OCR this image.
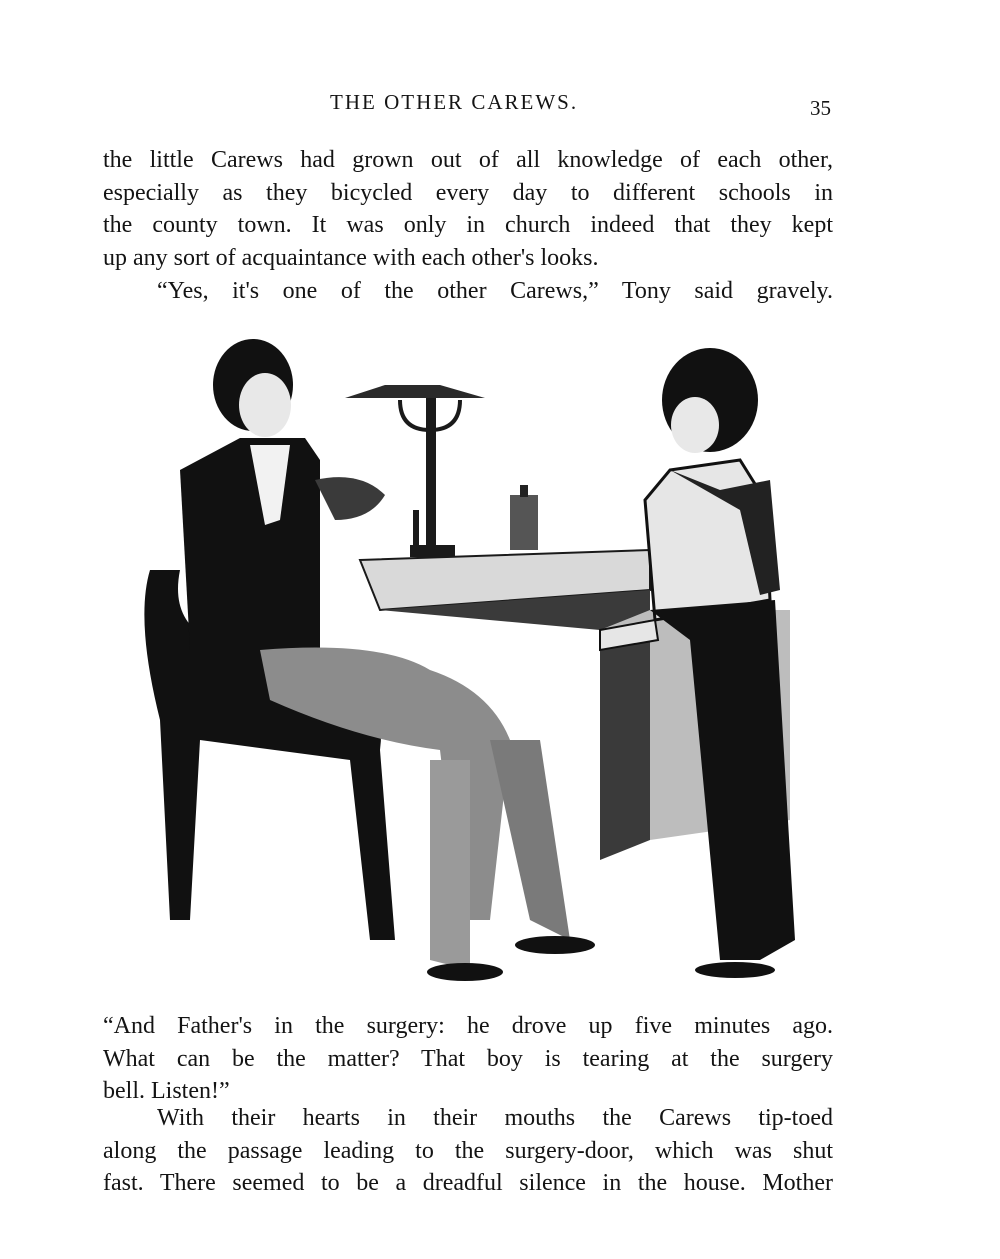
THE OTHER CAREWS.	35

the little Carews had grown out of all knowledge of each other,
especially as they bicycled every day to different schools in
the county town. It was only in church indeed that they kept
up any sort of acquaintance with each other's looks.

“Yes, it's one of the other Carews,” Tony said gravely.

“And Father's in the surgery: he drove up five minutes ago.
What can be the matter? That boy is tearing at the surgery
bell. Listen!”

With their hearts in their mouths the Carews tip-toed
along the passage leading to the surgery-door, which was shut
fast. There seemed to be a dreadful silence in the house. Mother
